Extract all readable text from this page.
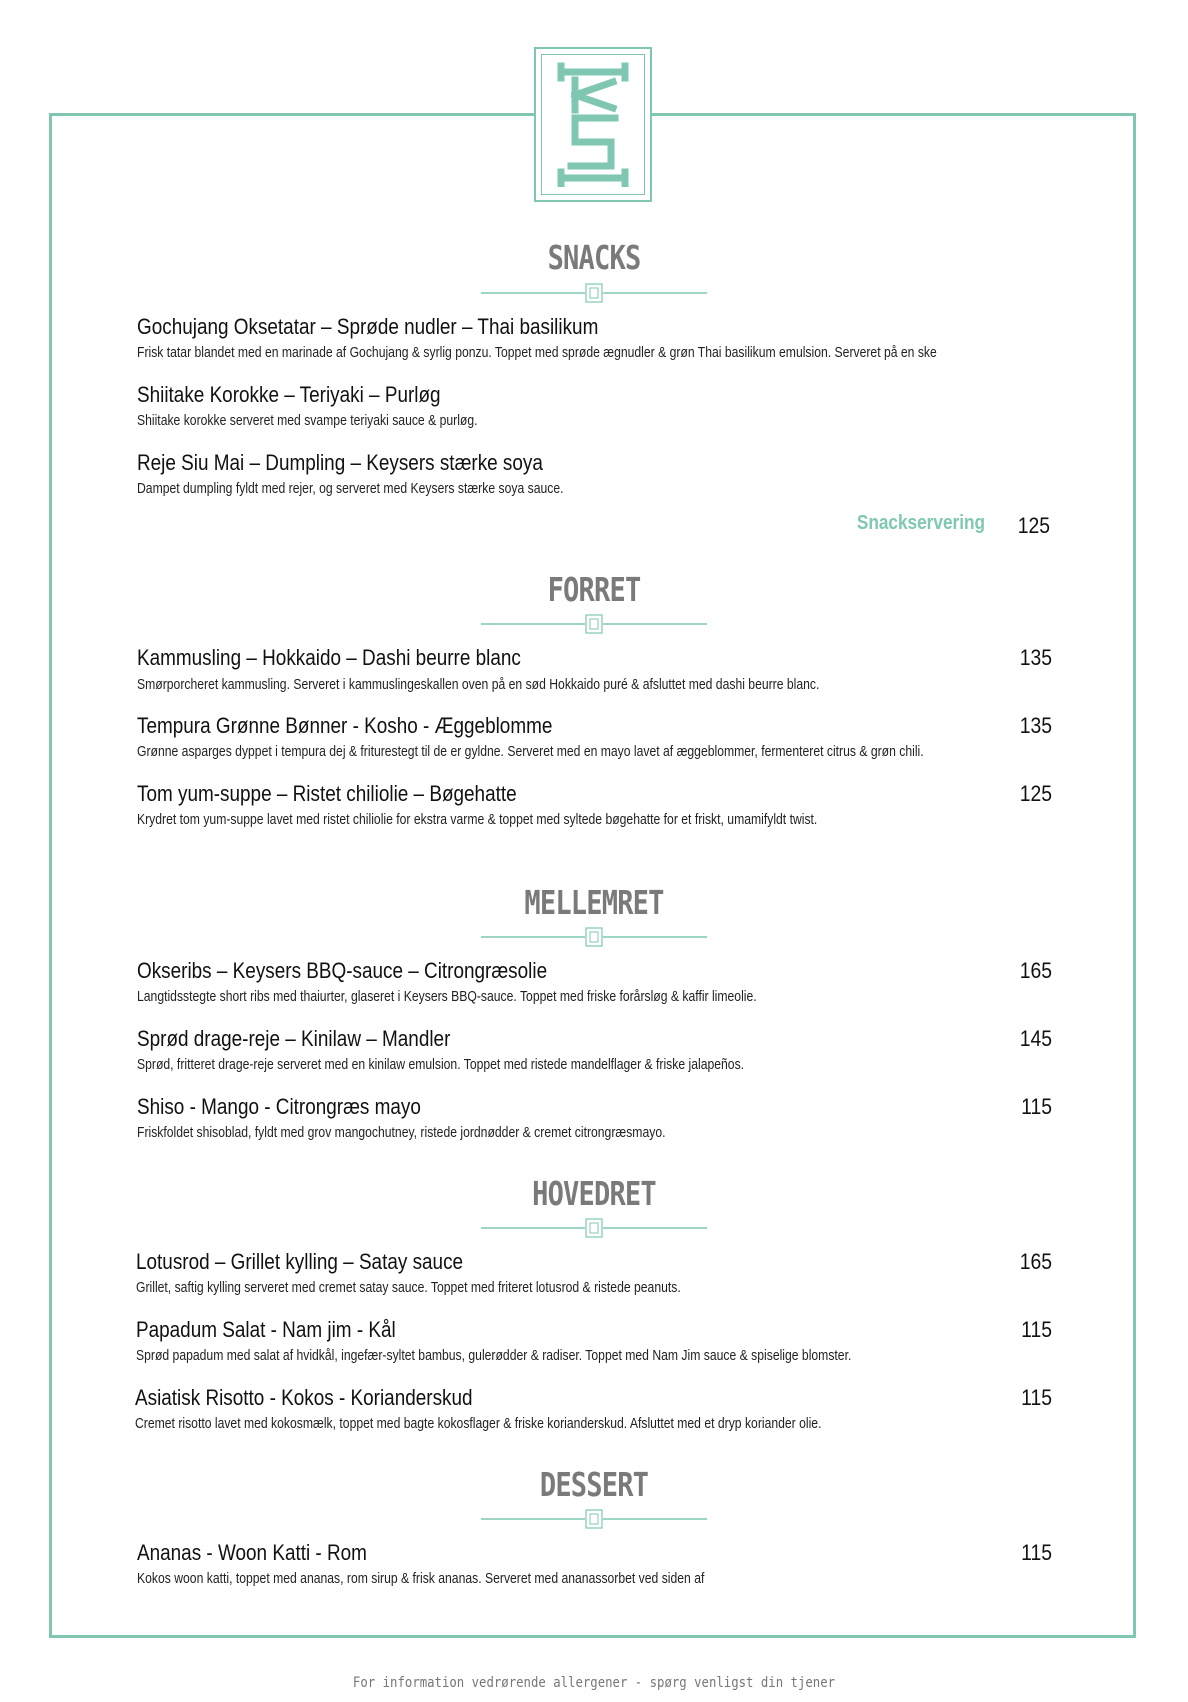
SNACKS
Gochujang Oksetatar – Sprøde nudler – Thai basilikum
Frisk tatar blandet med en marinade af Gochujang & syrlig ponzu. Toppet med sprøde ægnudler & grøn Thai basilikum emulsion. Serveret på en ske
Shiitake Korokke – Teriyaki – Purløg
Shiitake korokke serveret med svampe teriyaki sauce & purløg.
Reje Siu Mai – Dumpling – Keysers stærke soya
Dampet dumpling fyldt med rejer, og serveret med Keysers stærke soya sauce.
Snackservering	125
FORRET
Kammusling – Hokkaido – Dashi beurre blanc
Smørporcheret kammusling. Serveret i kammuslingeskallen oven på en sød Hokkaido puré & afsluttet med dashi beurre blanc.
135
Tempura Grønne Bønner - Kosho - Æggeblomme
Grønne asparges dyppet i tempura dej & friturestegt til de er gyldne. Serveret med en mayo lavet af æggeblommer, fermenteret citrus & grøn chili.
135
Tom yum-suppe – Ristet chiliolie – Bøgehatte
Krydret tom yum-suppe lavet med ristet chiliolie for ekstra varme & toppet med syltede bøgehatte for et friskt, umamifyldt twist.
125
MELLEMRET
Okseribs – Keysers BBQ-sauce – Citrongræsolie
Langtidsstegte short ribs med thaiurter, glaseret i Keysers BBQ-sauce. Toppet med friske forårsløg & kaffir limeolie.
165
Sprød drage-reje – Kinilaw – Mandler
Sprød, fritteret drage-reje serveret med en kinilaw emulsion. Toppet med ristede mandelflager & friske jalapeños.
145
Shiso - Mango - Citrongræs mayo
Friskfoldet shisoblad, fyldt med grov mangochutney, ristede jordnødder & cremet citrongræsmayo.
115
HOVEDRET
Lotusrod – Grillet kylling – Satay sauce
Grillet, saftig kylling serveret med cremet satay sauce. Toppet med friteret lotusrod & ristede peanuts.
165
Papadum Salat - Nam jim - Kål
Sprød papadum med salat af hvidkål, ingefær-syltet bambus, gulerødder & radiser. Toppet med Nam Jim sauce & spiselige blomster.
115
Asiatisk Risotto - Kokos - Korianderskud
Cremet risotto lavet med kokosmælk, toppet med bagte kokosflager & friske korianderskud. Afsluttet med et dryp koriander olie.
115
DESSERT
Ananas - Woon Katti - Rom
Kokos woon katti, toppet med ananas, rom sirup & frisk ananas. Serveret med ananassorbet ved siden af
115
For information vedrørende allergener - spørg venligst din tjener
